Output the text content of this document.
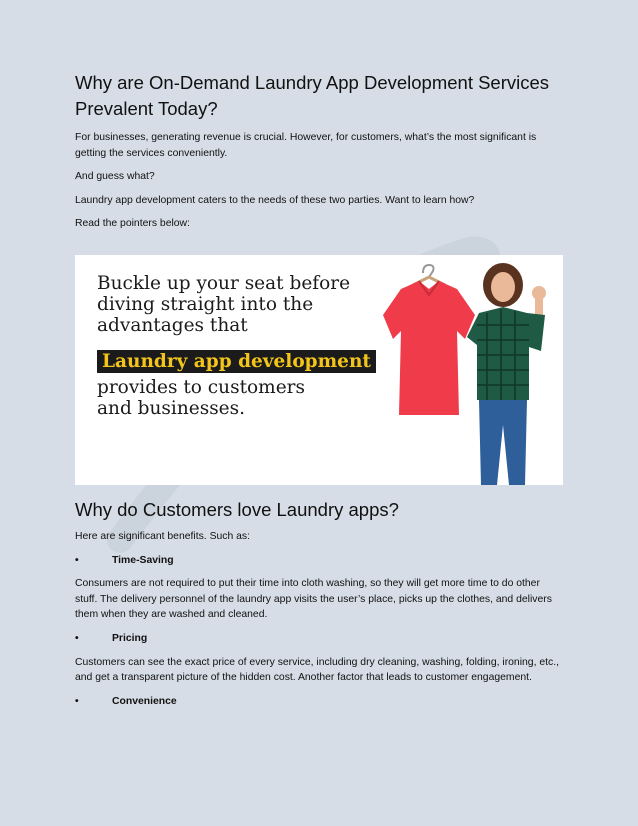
Why are On-Demand Laundry App Development Services Prevalent Today?

For businesses, generating revenue is crucial. However, for customers, what’s the most significant is getting the services conveniently.

And guess what?

Laundry app development caters to the needs of these two parties. Want to learn how?

Read the pointers below:

Buckle up your seat before
diving straight into the
advantages that
Laundry app development
provides to customers
and businesses.
Why do Customers love Laundry apps?

Here are significant benefits. Such as:

•	Time-Saving

Consumers are not required to put their time into cloth washing, so they will get more time to do other stuff. The delivery personnel of the laundry app visits the user’s place, picks up the clothes, and delivers them when they are washed and cleaned.

•	Pricing

Customers can see the exact price of every service, including dry cleaning, washing, folding, ironing, etc., and get a transparent picture of the hidden cost. Another factor that leads to customer engagement.

•	Convenience
